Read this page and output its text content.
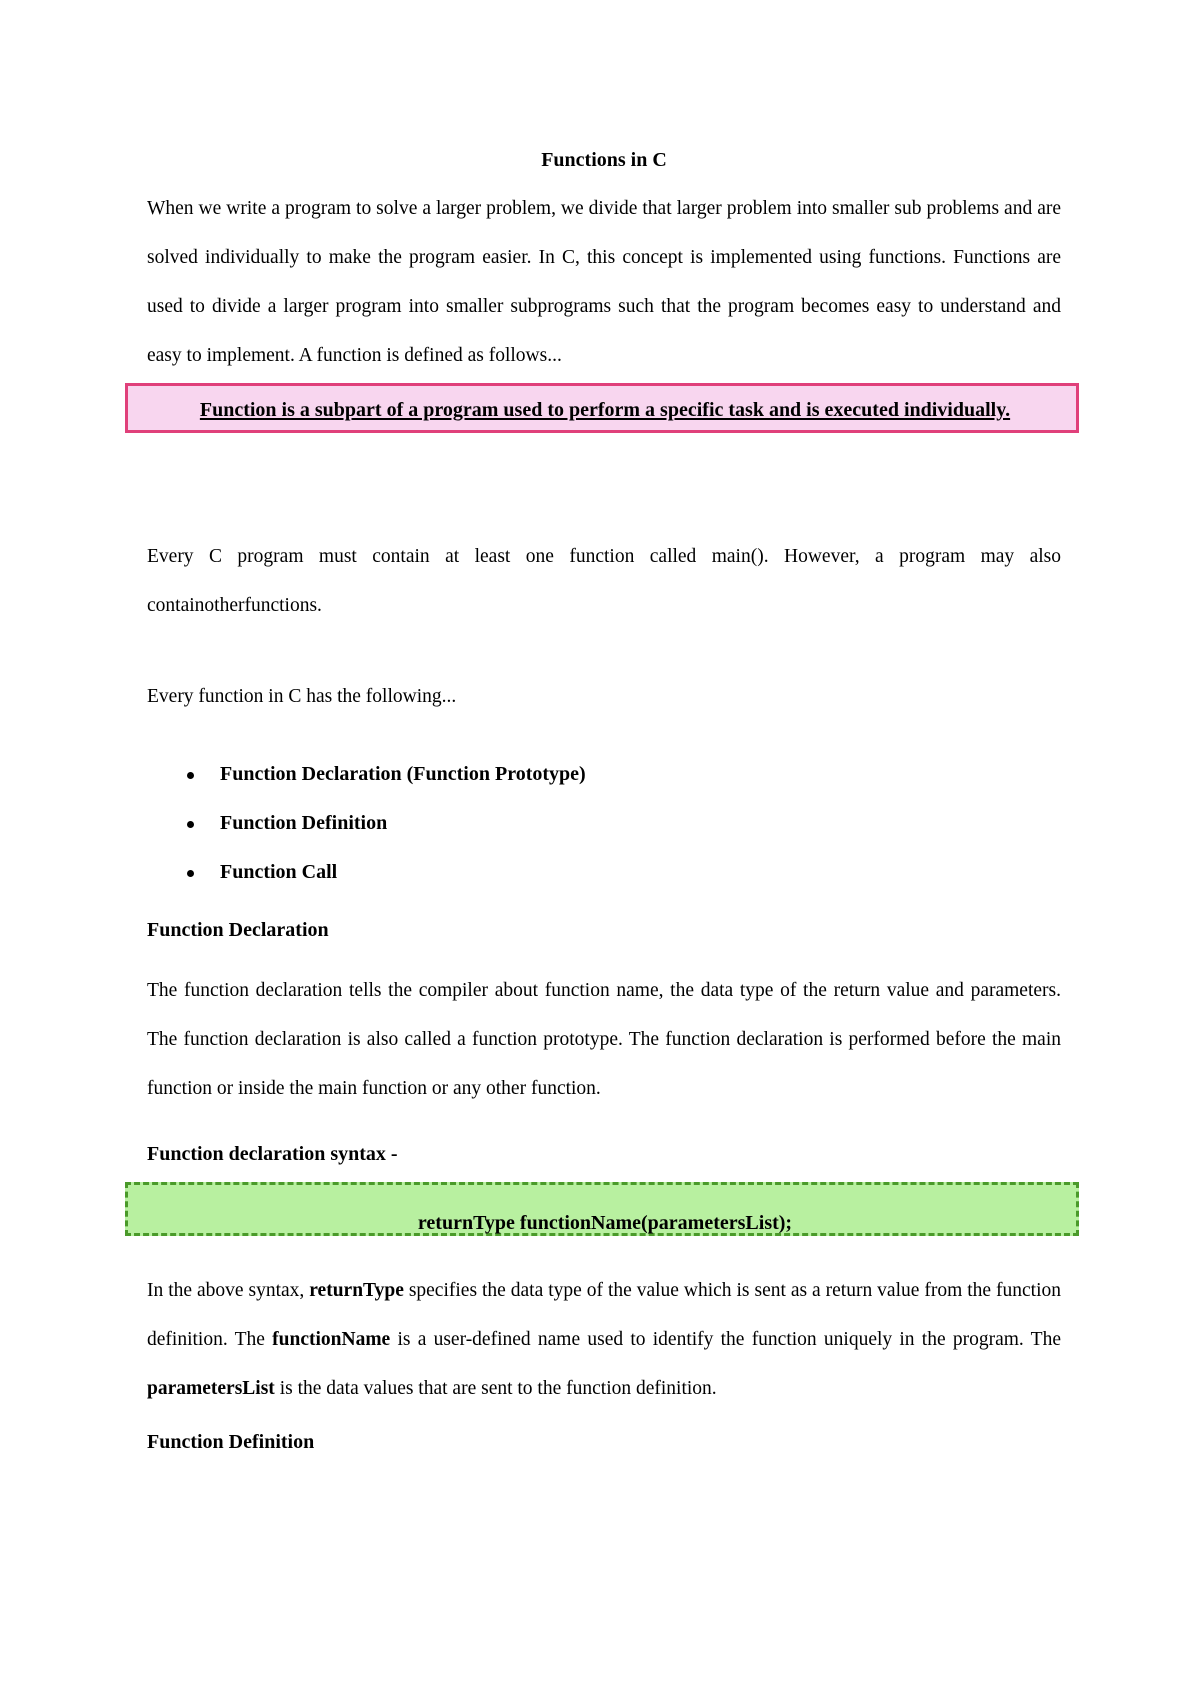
Function is a subpart of a program used to perform a specific task and is executed individually.
returnType functionName(parametersList);
Functions in C

When we write a program to solve a larger problem, we divide that larger problem into smaller sub problems and are solved individually to make the program easier. In C, this concept is implemented using functions. Functions are used to divide a larger program into smaller subprograms such that the program becomes easy to understand and easy to implement. A function is defined as follows...

Every C program must contain at least one function called main(). However, a program may also containotherfunctions.

Every function in C has the following...

Function Declaration (Function Prototype)
Function Definition
Function Call
Function Declaration

The function declaration tells the compiler about function name, the data type of the return value and parameters. The function declaration is also called a function prototype. The function declaration is performed before the main function or inside the main function or any other function.

Function declaration syntax -

In the above syntax, returnType specifies the data type of the value which is sent as a return value from the function definition. The functionName is a user-defined name used to identify the function uniquely in the program. The parametersList is the data values that are sent to the function definition.

Function Definition
